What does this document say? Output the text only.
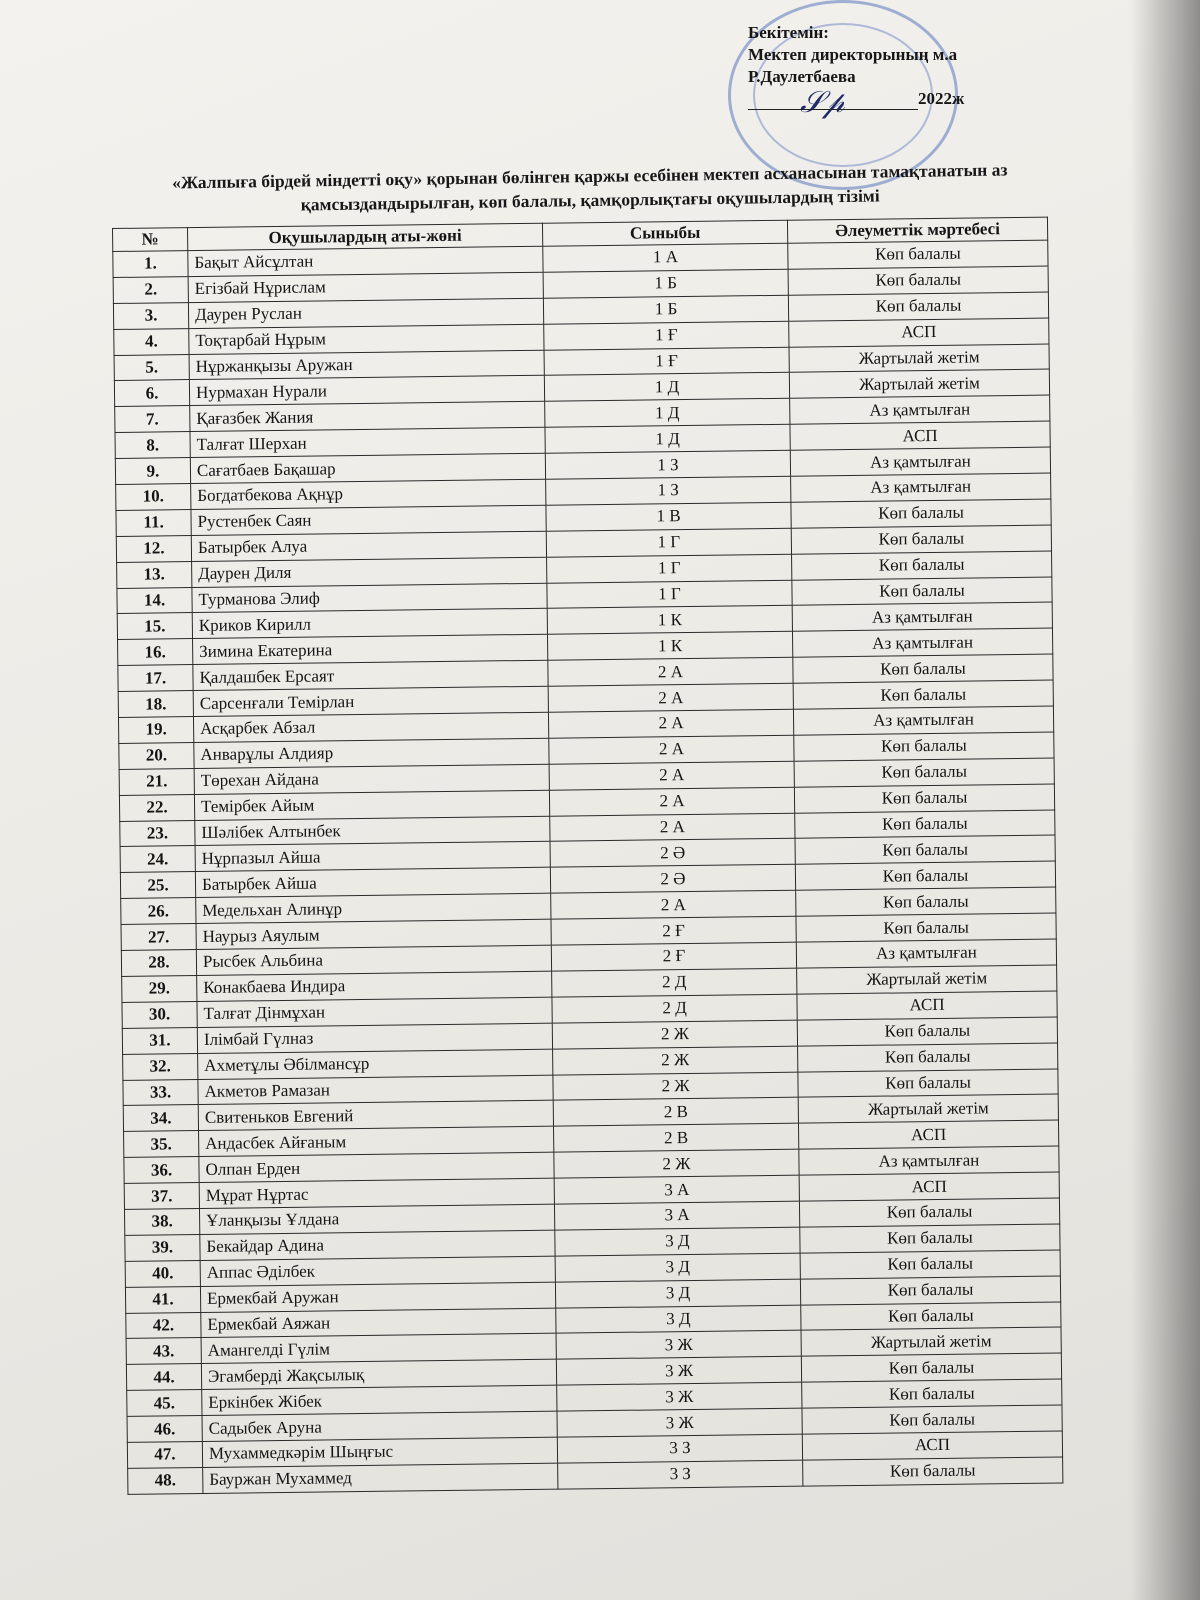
𝒮𝓅
Бекітемін:
Мектеп директорының м.а
Р.Даулетбаева
2022ж
«Жалпыға бірдей міндетті оқу» қорынан бөлінген қаржы есебінен мектеп асханасынан тамақтанатын аз қамсыздандырылған, көп балалы, қамқорлықтағы оқушылардың тізімі
№	Оқушылардың аты-жөні	Сыныбы	Әлеуметтік мәртебесі
1.	Бақыт Айсұлтан	1 А	Көп балалы
2.	Егізбай Нұрислам	1 Б	Көп балалы
3.	Даурен Руслан	1 Б	Көп балалы
4.	Тоқтарбай Нұрым	1 Ғ	АСП
5.	Нұржанқызы Аружан	1 Ғ	Жартылай жетім
6.	Нурмахан Нурали	1 Д	Жартылай жетім
7.	Қағазбек Жания	1 Д	Аз қамтылған
8.	Талғат Шерхан	1 Д	АСП
9.	Сағатбаев Бақашар	1 З	Аз қамтылған
10.	Богдатбекова Ақнұр	1 З	Аз қамтылған
11.	Рустенбек Саян	1 В	Көп балалы
12.	Батырбек Алуа	1 Г	Көп балалы
13.	Даурен Диля	1 Г	Көп балалы
14.	Турманова Элиф	1 Г	Көп балалы
15.	Криков Кирилл	1 К	Аз қамтылған
16.	Зимина Екатерина	1 К	Аз қамтылған
17.	Қалдашбек Ерсаят	2 А	Көп балалы
18.	Сарсенғали Темірлан	2 А	Көп балалы
19.	Асқарбек Абзал	2 А	Аз қамтылған
20.	Анварұлы Алдияр	2 А	Көп балалы
21.	Төрехан Айдана	2 А	Көп балалы
22.	Темірбек Айым	2 А	Көп балалы
23.	Шәлібек Алтынбек	2 А	Көп балалы
24.	Нұрпазыл Айша	2 Ә	Көп балалы
25.	Батырбек Айша	2 Ә	Көп балалы
26.	Медельхан Алинұр	2 А	Көп балалы
27.	Наурыз Аяулым	2 Ғ	Көп балалы
28.	Рысбек Альбина	2 Ғ	Аз қамтылған
29.	Конакбаева Индира	2 Д	Жартылай жетім
30.	Талғат Дінмұхан	2 Д	АСП
31.	Ілімбай Гүлназ	2 Ж	Көп балалы
32.	Ахметұлы Әбілмансұр	2 Ж	Көп балалы
33.	Акметов Рамазан	2 Ж	Көп балалы
34.	Свитеньков Евгений	2 В	Жартылай жетім
35.	Андасбек Айғаным	2 В	АСП
36.	Олпан Ерден	2 Ж	Аз қамтылған
37.	Мұрат Нұртас	3 А	АСП
38.	Ұланқызы Ұлдана	3 А	Көп балалы
39.	Бекайдар Адина	3 Д	Көп балалы
40.	Аппас Әділбек	3 Д	Көп балалы
41.	Ермекбай Аружан	3 Д	Көп балалы
42.	Ермекбай Аяжан	3 Д	Көп балалы
43.	Амангелді Гүлім	3 Ж	Жартылай жетім
44.	Эгамберді Жақсылық	3 Ж	Көп балалы
45.	Еркінбек Жібек	3 Ж	Көп балалы
46.	Садыбек Аруна	3 Ж	Көп балалы
47.	Мухаммедкәрім Шыңғыс	3 З	АСП
48.	Бауржан Мухаммед	3 З	Көп балалы
